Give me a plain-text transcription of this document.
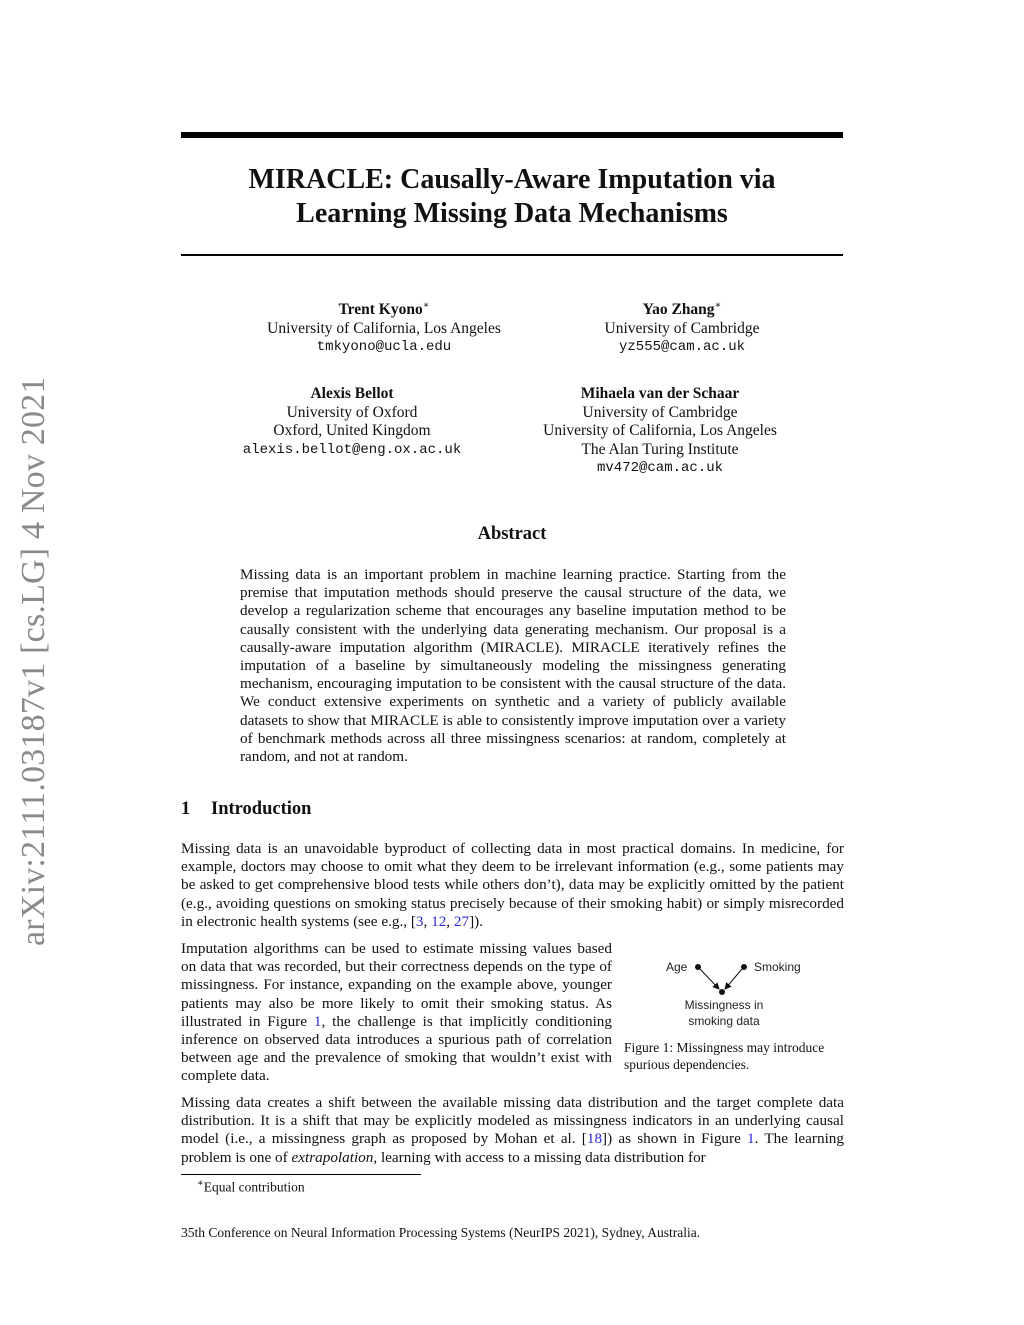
arXiv:2111.03187v1 [cs.LG] 4 Nov 2021
MIRACLE: Causally-Aware Imputation via
Learning Missing Data Mechanisms
Trent Kyono∗
University of California, Los Angeles
tmkyono@ucla.edu
Yao Zhang∗
University of Cambridge
yz555@cam.ac.uk
Alexis Bellot
University of Oxford
Oxford, United Kingdom
alexis.bellot@eng.ox.ac.uk
Mihaela van der Schaar
University of Cambridge
University of California, Los Angeles
The Alan Turing Institute
mv472@cam.ac.uk
Abstract
Missing data is an important problem in machine learning practice. Starting from the premise that imputation methods should preserve the causal structure of the data, we develop a regularization scheme that encourages any baseline imputation method to be causally consistent with the underlying data generating mechanism. Our proposal is a causally-aware imputation algorithm (MIRACLE). MIRACLE iteratively refines the imputation of a baseline by simultaneously modeling the missingness generating mechanism, encouraging imputation to be consistent with the causal structure of the data. We conduct extensive experiments on synthetic and a variety of publicly available datasets to show that MIRACLE is able to consistently improve imputation over a variety of benchmark methods across all three missingness scenarios: at random, completely at random, and not at random.
1 Introduction

Missing data is an unavoidable byproduct of collecting data in most practical domains. In medicine, for example, doctors may choose to omit what they deem to be irrelevant information (e.g., some patients may be asked to get comprehensive blood tests while others don’t), data may be explicitly omitted by the patient (e.g., avoiding questions on smoking status precisely because of their smoking habit) or simply misrecorded in electronic health systems (see e.g., [3, 12, 27]).

Imputation algorithms can be used to estimate missing values based on data that was recorded, but their correctness depends on the type of missingness. For instance, expanding on the example above, younger patients may also be more likely to omit their smoking status. As illustrated in Figure 1, the challenge is that implicitly conditioning inference on observed data introduces a spurious path of correlation between age and the prevalence of smoking that wouldn’t exist with complete data.

Age	Smoking
Missingness in
smoking data
Figure 1: Missingness may introduce spurious dependencies.

Missing data creates a shift between the available missing data distribution and the target complete data distribution. It is a shift that may be explicitly modeled as missingness indicators in an underlying causal model (i.e., a missingness graph as proposed by Mohan et al. [18]) as shown in Figure 1. The learning problem is one of extrapolation, learning with access to a missing data distribution for

∗Equal contribution
35th Conference on Neural Information Processing Systems (NeurIPS 2021), Sydney, Australia.
